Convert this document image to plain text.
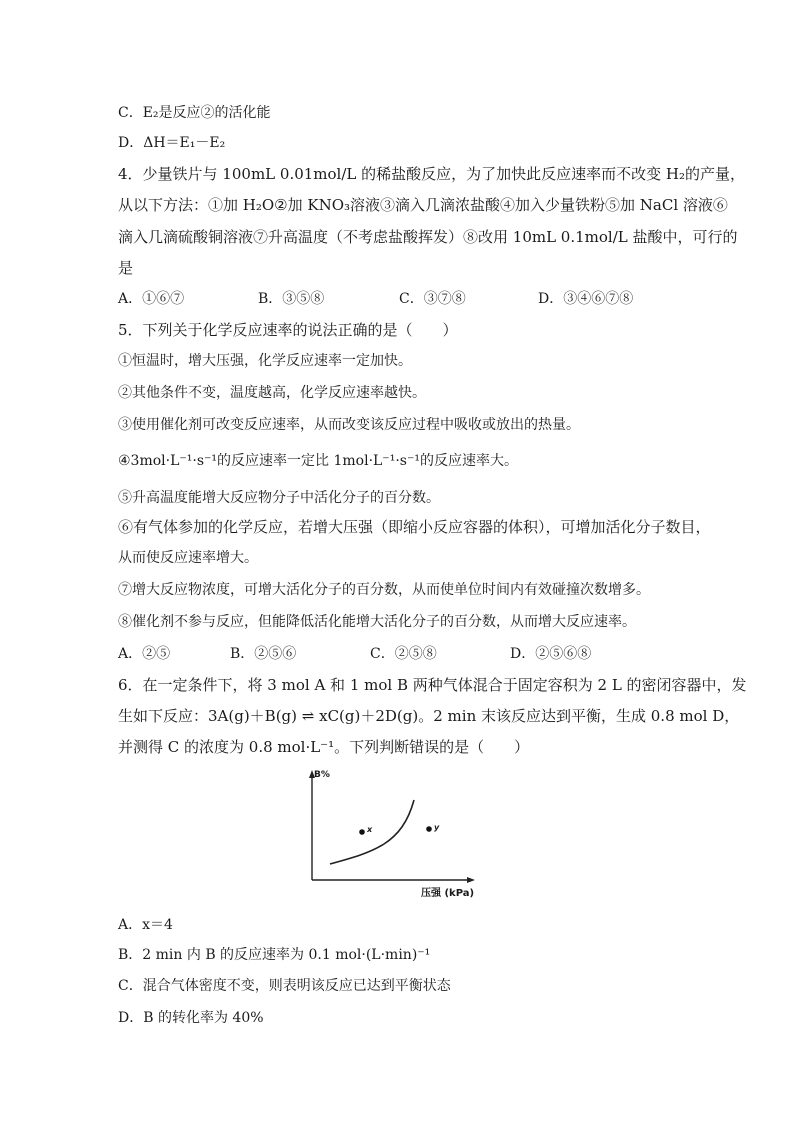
C．E₂是反应②的活化能
D．ΔH＝E₁－E₂
4．少量铁片与 100mL 0.01mol/L 的稀盐酸反应，为了加快此反应速率而不改变 H₂的产量，
从以下方法：①加 H₂O②加 KNO₃溶液③滴入几滴浓盐酸④加入少量铁粉⑤加 NaCl 溶液⑥
滴入几滴硫酸铜溶液⑦升高温度（不考虑盐酸挥发）⑧改用 10mL 0.1mol/L 盐酸中，可行的
是
A．①⑥⑦	B．③⑤⑧	C．③⑦⑧	D．③④⑥⑦⑧
5．下列关于化学反应速率的说法正确的是（　　）
①恒温时，增大压强，化学反应速率一定加快。
②其他条件不变，温度越高，化学反应速率越快。
③使用催化剂可改变反应速率，从而改变该反应过程中吸收或放出的热量。
④3mol·L⁻¹·s⁻¹的反应速率一定比 1mol·L⁻¹·s⁻¹的反应速率大。
⑤升高温度能增大反应物分子中活化分子的百分数。
⑥有气体参加的化学反应，若增大压强（即缩小反应容器的体积），可增加活化分子数目，
从而使反应速率增大。
⑦增大反应物浓度，可增大活化分子的百分数，从而使单位时间内有效碰撞次数增多。
⑧催化剂不参与反应，但能降低活化能增大活化分子的百分数，从而增大反应速率。
A．②⑤	B．②⑤⑥	C．②⑤⑧	D．②⑤⑥⑧
6．在一定条件下，将 3 mol A 和 1 mol B 两种气体混合于固定容积为 2 L 的密闭容器中，发
生如下反应：3A(g)＋B(g) ⇌ xC(g)＋2D(g)。2 min 末该反应达到平衡，生成 0.8 mol D，
并测得 C 的浓度为 0.8 mol·L⁻¹。下列判断错误的是（　　）
B%
x	y
压强 (kPa)
A．x＝4
B．2 min 内 B 的反应速率为 0.1 mol·(L·min)⁻¹
C．混合气体密度不变，则表明该反应已达到平衡状态
D．B 的转化率为 40%
